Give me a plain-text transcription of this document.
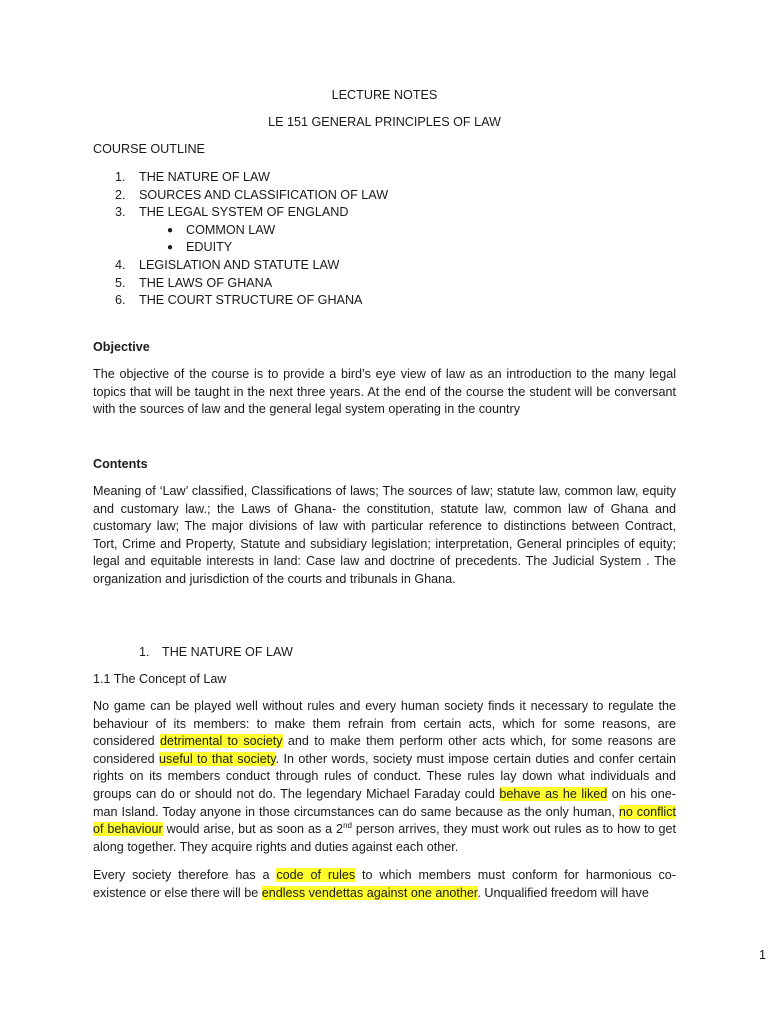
LECTURE NOTES

LE 151 GENERAL PRINCIPLES OF LAW

COURSE OUTLINE

1. THE NATURE OF LAW
2. SOURCES AND CLASSIFICATION OF LAW
3. THE LEGAL SYSTEM OF ENGLAND
● COMMON LAW
● EDUITY
4. LEGISLATION AND STATUTE LAW
5. THE LAWS OF GHANA
6. THE COURT STRUCTURE OF GHANA

Objective

The objective of the course is to provide a bird’s eye view of law as an introduction to the many legal topics that will be taught in the next three years. At the end of the course the student will be conversant with the sources of law and the general legal system operating in the country

Contents

Meaning of ‘Law’ classified, Classifications of laws; The sources of law; statute law, common law, equity and customary law.; the Laws of Ghana- the constitution, statute law, common law of Ghana and customary law; The major divisions of law with particular reference to distinctions between Contract, Tort, Crime and Property, Statute and subsidiary legislation; interpretation, General principles of equity; legal and equitable interests in land: Case law and doctrine of precedents. The Judicial System . The organization and jurisdiction of the courts and tribunals in Ghana.

1. THE NATURE OF LAW

1.1 The Concept of Law

No game can be played well without rules and every human society finds it necessary to regulate the behaviour of its members: to make them refrain from certain acts, which for some reasons, are considered detrimental to society and to make them perform other acts which, for some reasons are considered useful to that society. In other words, society must impose certain duties and confer certain rights on its members conduct through rules of conduct. These rules lay down what individuals and groups can do or should not do. The legendary Michael Faraday could behave as he liked on his one-man Island. Today anyone in those circumstances can do same because as the only human, no conflict of behaviour would arise, but as soon as a 2nd person arrives, they must work out rules as to how to get along together. They acquire rights and duties against each other.

Every society therefore has a code of rules to which members must conform for harmonious co-existence or else there will be endless vendettas against one another. Unqualified freedom will have

1
